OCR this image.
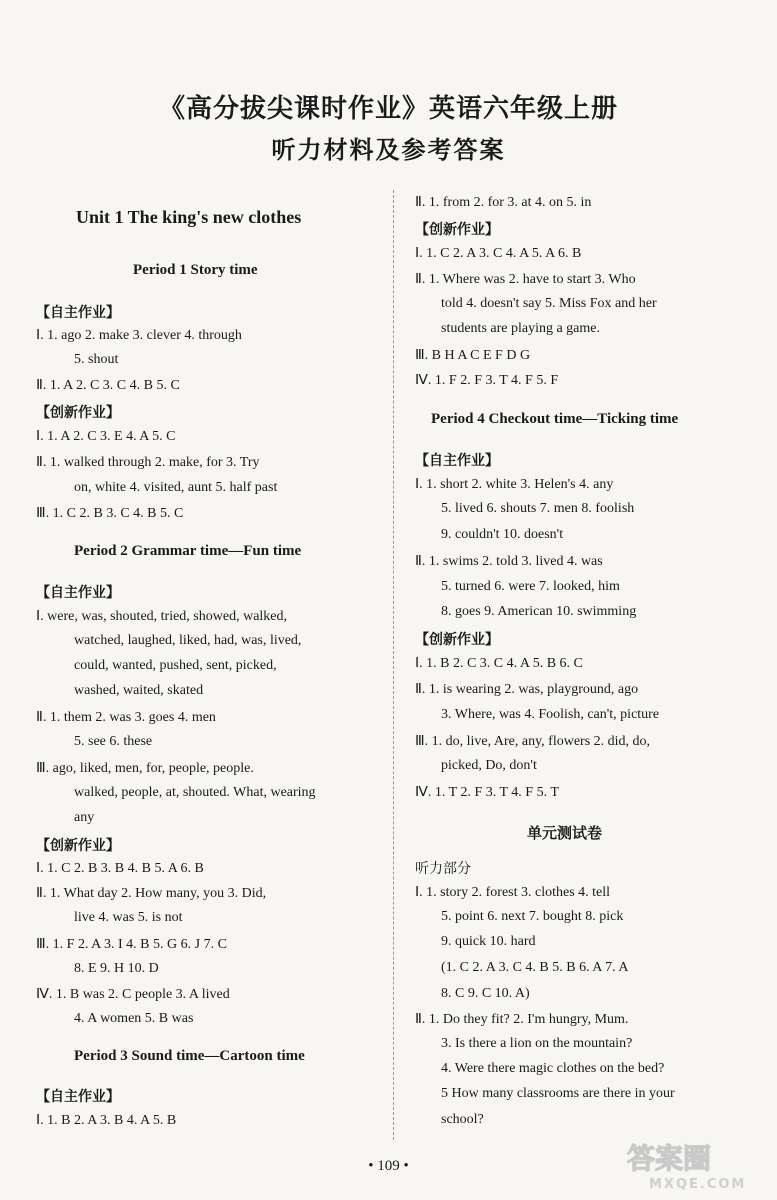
《高分拔尖课时作业》英语六年级上册
听力材料及参考答案
Unit 1 The king's new clothes
Period 1 Story time
【自主作业】
Ⅰ. 1. ago 2. make 3. clever 4. through
5. shout
Ⅱ. 1. A 2. C 3. C 4. B 5. C
【创新作业】
Ⅰ. 1. A 2. C 3. E 4. A 5. C
Ⅱ. 1. walked through 2. make, for 3. Try
on, white 4. visited, aunt 5. half past
Ⅲ. 1. C 2. B 3. C 4. B 5. C
Period 2 Grammar time—Fun time
【自主作业】
Ⅰ. were, was, shouted, tried, showed, walked,
watched, laughed, liked, had, was, lived,
could, wanted, pushed, sent, picked,
washed, waited, skated
Ⅱ. 1. them 2. was 3. goes 4. men
5. see 6. these
Ⅲ. ago, liked, men, for, people, people.
walked, people, at, shouted. What, wearing
any
【创新作业】
Ⅰ. 1. C 2. B 3. B 4. B 5. A 6. B
Ⅱ. 1. What day 2. How many, you 3. Did,
live 4. was 5. is not
Ⅲ. 1. F 2. A 3. I 4. B 5. G 6. J 7. C
8. E 9. H 10. D
Ⅳ. 1. B was 2. C people 3. A lived
4. A women 5. B was
Period 3 Sound time—Cartoon time
【自主作业】
Ⅰ. 1. B 2. A 3. B 4. A 5. B
Ⅱ. 1. from 2. for 3. at 4. on 5. in
【创新作业】
Ⅰ. 1. C 2. A 3. C 4. A 5. A 6. B
Ⅱ. 1. Where was 2. have to start 3. Who
told 4. doesn't say 5. Miss Fox and her
students are playing a game.
Ⅲ. B H A C E F D G
Ⅳ. 1. F 2. F 3. T 4. F 5. F
Period 4 Checkout time—Ticking time
【自主作业】
Ⅰ. 1. short 2. white 3. Helen's 4. any
5. lived 6. shouts 7. men 8. foolish
9. couldn't 10. doesn't
Ⅱ. 1. swims 2. told 3. lived 4. was
5. turned 6. were 7. looked, him
8. goes 9. American 10. swimming
【创新作业】
Ⅰ. 1. B 2. C 3. C 4. A 5. B 6. C
Ⅱ. 1. is wearing 2. was, playground, ago
3. Where, was 4. Foolish, can't, picture
Ⅲ. 1. do, live, Are, any, flowers 2. did, do,
picked, Do, don't
Ⅳ. 1. T 2. F 3. T 4. F 5. T
单元测试卷
听力部分
Ⅰ. 1. story 2. forest 3. clothes 4. tell
5. point 6. next 7. bought 8. pick
9. quick 10. hard
(1. C 2. A 3. C 4. B 5. B 6. A 7. A
8. C 9. C 10. A)
Ⅱ. 1. Do they fit? 2. I'm hungry, Mum.
3. Is there a lion on the mountain?
4. Were there magic clothes on the bed?
5 How many classrooms are there in your
school?
• 109 •	答案圈
MXQE.COM
